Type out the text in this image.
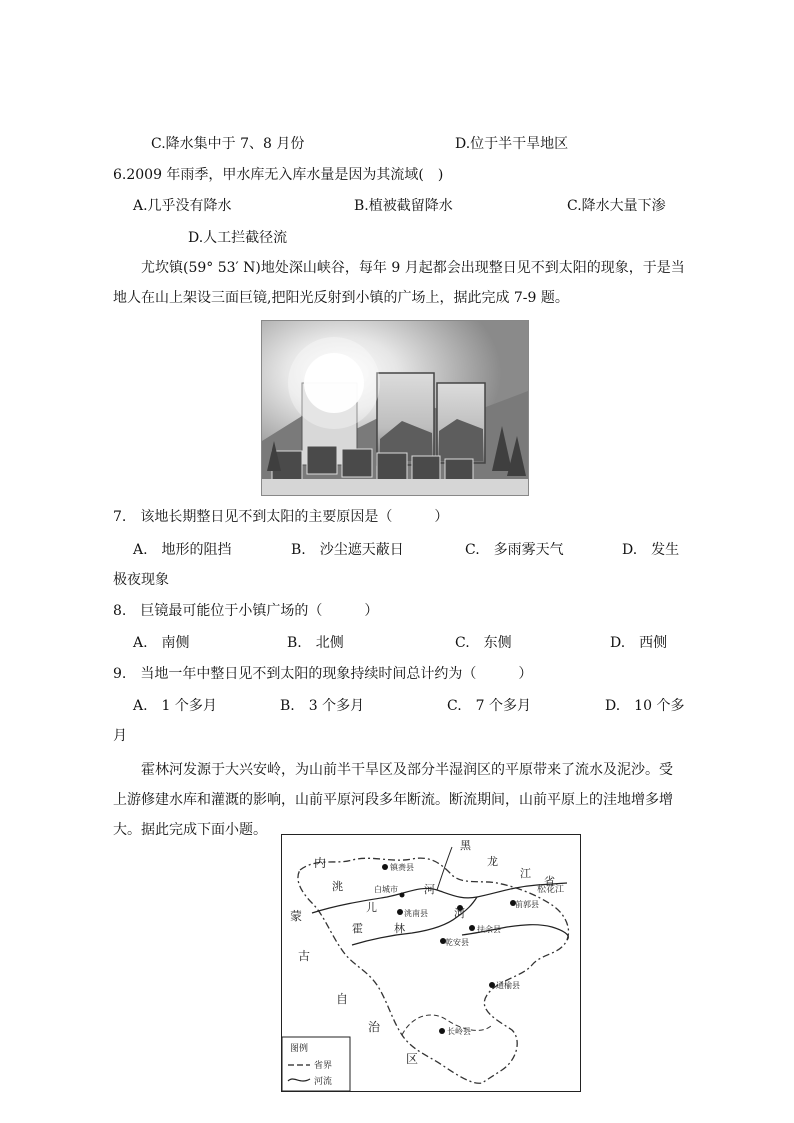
C.降水集中于 7、8 月份	D.位于半干旱地区
6.2009 年雨季，甲水库无入库水量是因为其流域(　)
A.几乎没有降水	B.植被截留降水	C.降水大量下渗
D.人工拦截径流
尤坎镇(59° 53′ N)地处深山峡谷，每年 9 月起都会出现整日见不到太阳的现象，于是当
地人在山上架设三面巨镜,把阳光反射到小镇的广场上，据此完成 7-9 题。
7.　该地长期整日见不到太阳的主要原因是（　　　）
A.　地形的阻挡	B.　沙尘遮天蔽日	C.　多雨雾天气	D.　发生
极夜现象
8.　巨镜最可能位于小镇广场的（　　　）
A.　南侧	B.　北侧	C.　东侧	D.　西侧
9.　当地一年中整日见不到太阳的现象持续时间总计约为（　　　）
A.　1 个多月	B.　3 个多月	C.　7 个多月	D.　10 个多
月
霍林河发源于大兴安岭，为山前半干旱区及部分半湿润区的平原带来了流水及泥沙。受
上游修建水库和灌溉的影响，山前平原河段多年断流。断流期间，山前平原上的洼地增多增
大。据此完成下面小题。
图例
省界
河流
内
蒙
古
自
治
区
黑
龙
江
省
霍	林
河
洮
儿
河	松花江
镇赉县
白城市
洮南县
前郭县
扶余县
乾安县
通榆县
长岭县
